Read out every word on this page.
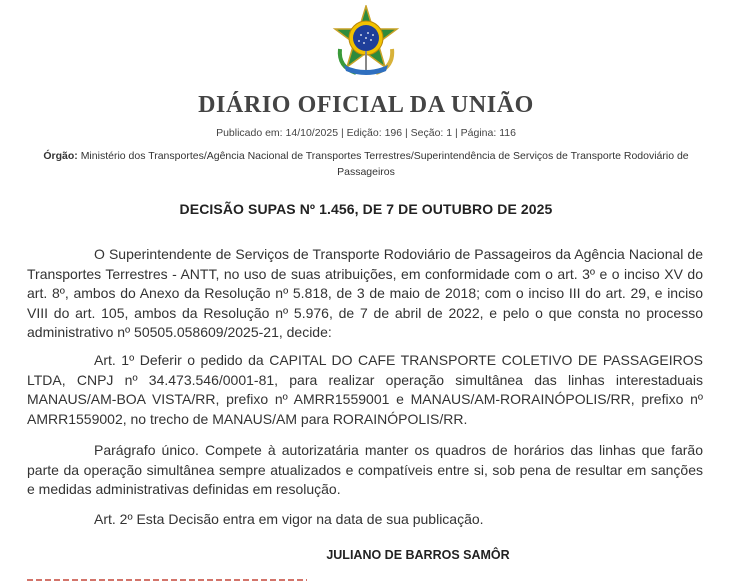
DIÁRIO OFICIAL DA UNIÃO
Publicado em: 14/10/2025 | Edição: 196 | Seção: 1 | Página: 116
Órgão: Ministério dos Transportes/Agência Nacional de Transportes Terrestres/Superintendência de Serviços de Transporte Rodoviário de Passageiros
DECISÃO SUPAS Nº 1.456, DE 7 DE OUTUBRO DE 2025

O Superintendente de Serviços de Transporte Rodoviário de Passageiros da Agência Nacional de Transportes Terrestres - ANTT, no uso de suas atribuições, em conformidade com o art. 3º e o inciso XV do art. 8º, ambos do Anexo da Resolução nº 5.818, de 3 de maio de 2018; com o inciso III do art. 29, e inciso VIII do art. 105, ambos da Resolução nº 5.976, de 7 de abril de 2022, e pelo o que consta no processo administrativo nº 50505.058609/2025-21, decide:

Art. 1º Deferir o pedido da CAPITAL DO CAFE TRANSPORTE COLETIVO DE PASSAGEIROS LTDA, CNPJ nº 34.473.546/0001-81, para realizar operação simultânea das linhas interestaduais MANAUS/AM-BOA VISTA/RR, prefixo nº AMRR1559001 e MANAUS/AM-RORAINÓPOLIS/RR, prefixo nº AMRR1559002, no trecho de MANAUS/AM para RORAINÓPOLIS/RR.

Parágrafo único. Compete à autorizatária manter os quadros de horários das linhas que farão parte da operação simultânea sempre atualizados e compatíveis entre si, sob pena de resultar em sanções e medidas administrativas definidas em resolução.

Art. 2º Esta Decisão entra em vigor na data de sua publicação.

JULIANO DE BARROS SAMÔR
